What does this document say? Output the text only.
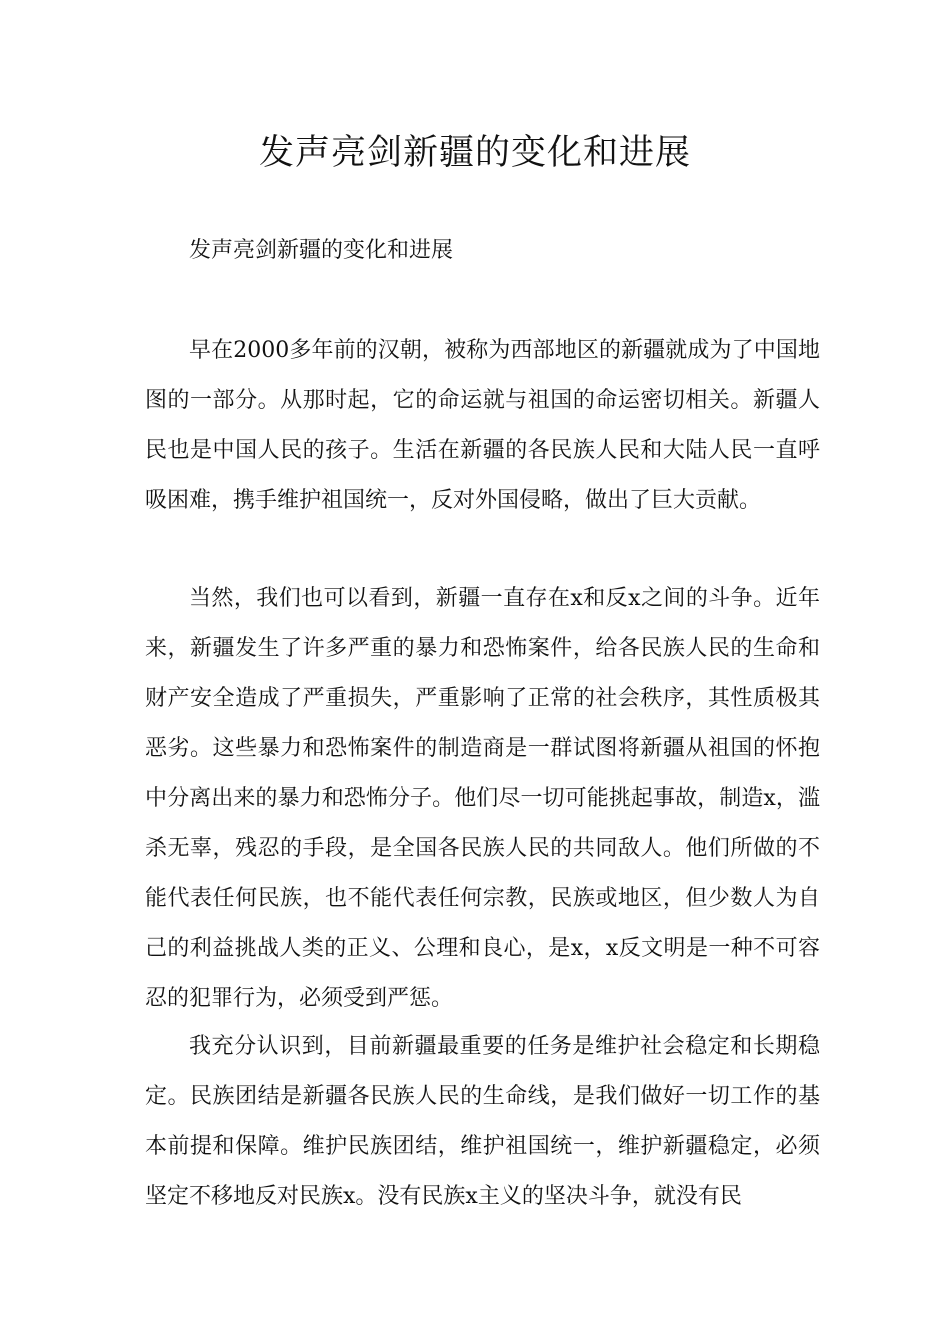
发声亮剑新疆的变化和进展

发声亮剑新疆的变化和进展

早在2000多年前的汉朝，被称为西部地区的新疆就成为了中国地图的一部分。从那时起，它的命运就与祖国的命运密切相关。新疆人民也是中国人民的孩子。生活在新疆的各民族人民和大陆人民一直呼吸困难，携手维护祖国统一，反对外国侵略，做出了巨大贡献。

当然，我们也可以看到，新疆一直存在x和反x之间的斗争。近年来，新疆发生了许多严重的暴力和恐怖案件，给各民族人民的生命和财产安全造成了严重损失，严重影响了正常的社会秩序，其性质极其恶劣。这些暴力和恐怖案件的制造商是一群试图将新疆从祖国的怀抱中分离出来的暴力和恐怖分子。他们尽一切可能挑起事故，制造x，滥杀无辜，残忍的手段，是全国各民族人民的共同敌人。他们所做的不能代表任何民族，也不能代表任何宗教，民族或地区，但少数人为自己的利益挑战人类的正义、公理和良心，是x，x反文明是一种不可容忍的犯罪行为，必须受到严惩。

我充分认识到，目前新疆最重要的任务是维护社会稳定和长期稳定。民族团结是新疆各民族人民的生命线，是我们做好一切工作的基本前提和保障。维护民族团结，维护祖国统一，维护新疆稳定，必须坚定不移地反对民族x。没有民族x主义的坚决斗争，就没有民
